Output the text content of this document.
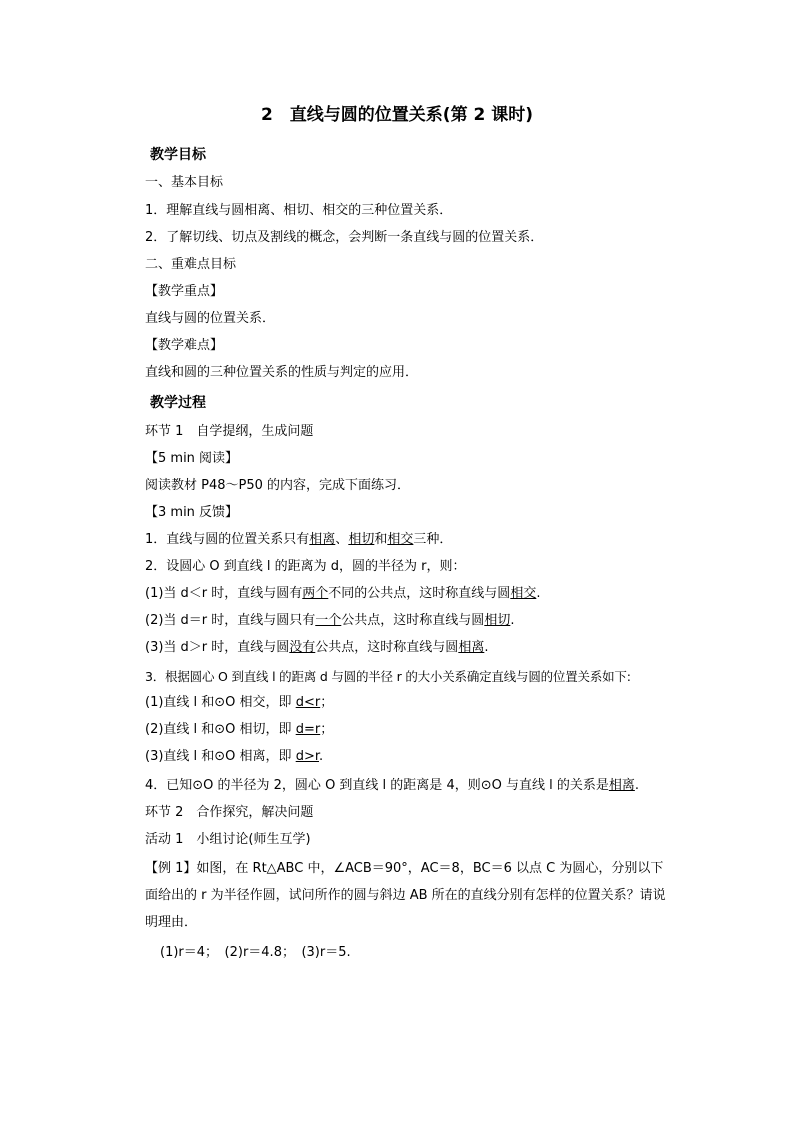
2　直线与圆的位置关系(第 2 课时)
教学目标
一、基本目标
1．理解直线与圆相离、相切、相交的三种位置关系．
2．了解切线、切点及割线的概念，会判断一条直线与圆的位置关系．
二、重难点目标
【教学重点】
直线与圆的位置关系．
【教学难点】
直线和圆的三种位置关系的性质与判定的应用．
教学过程
环节 1　自学提纲，生成问题
【5 min 阅读】
阅读教材 P48～P50 的内容，完成下面练习．
【3 min 反馈】
1．直线与圆的位置关系只有相离、相切和相交三种．
2．设圆心 O 到直线 l 的距离为 d，圆的半径为 r，则：
(1)当 d＜r 时，直线与圆有两个不同的公共点，这时称直线与圆相交.
(2)当 d＝r 时，直线与圆只有一个公共点，这时称直线与圆相切.
(3)当 d＞r 时，直线与圆没有公共点，这时称直线与圆相离.
3．根据圆心 O 到直线 l 的距离 d 与圆的半径 r 的大小关系确定直线与圆的位置关系如下:
(1)直线 l 和⊙O 相交，即 d<r；
(2)直线 l 和⊙O 相切，即 d=r；
(3)直线 l 和⊙O 相离，即 d>r.
4．已知⊙O 的半径为 2，圆心 O 到直线 l 的距离是 4，则⊙O 与直线 l 的关系是相离.
环节 2　合作探究，解决问题
活动 1　小组讨论(师生互学)
【例 1】如图，在 Rt△ABC 中，∠ACB＝90°，AC＝8，BC＝6 以点 C 为圆心，分别以下
面给出的 r 为半径作圆，试问所作的圆与斜边 AB 所在的直线分别有怎样的位置关系？请说
明理由．
(1)r＝4；　(2)r＝4.8；　(3)r＝5.
